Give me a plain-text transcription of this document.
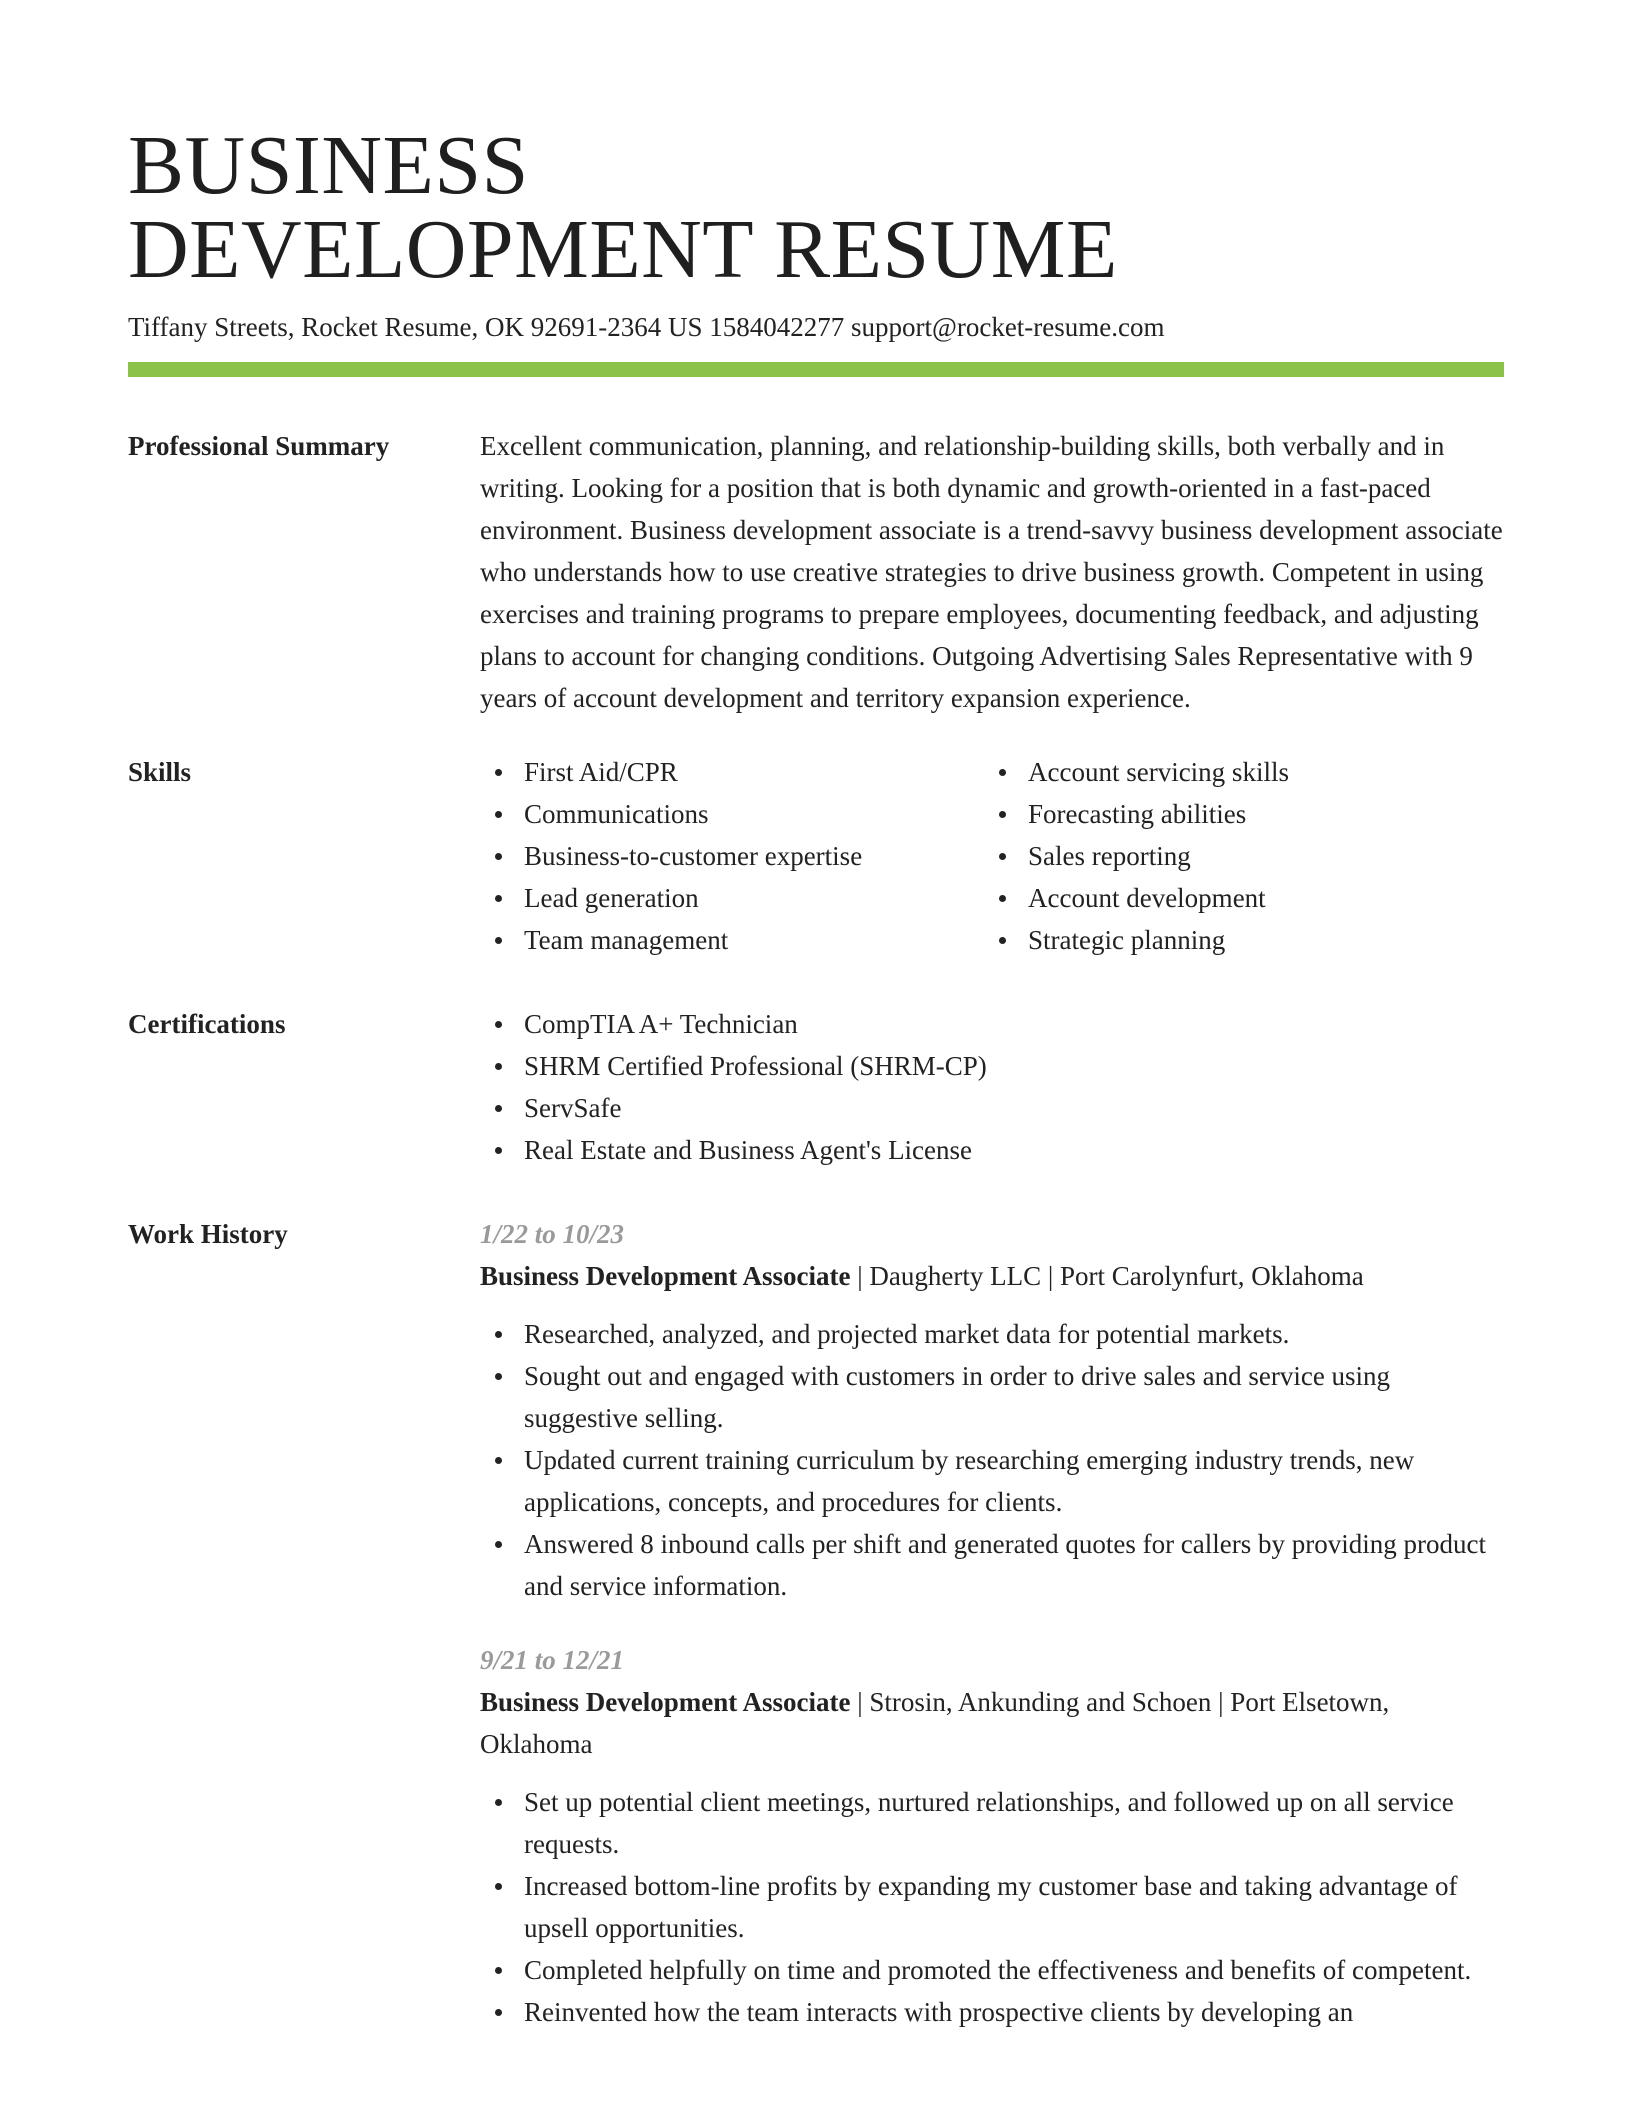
BUSINESS
DEVELOPMENT RESUME
Tiffany Streets, Rocket Resume, OK 92691-2364 US 1584042277 support@rocket-resume.com
Professional Summary	Excellent communication, planning, and relationship-building skills, both verbally and in writing. Looking for a position that is both dynamic and growth-oriented in a fast-paced environment. Business development associate is a trend-savvy business development associate who understands how to use creative strategies to drive business growth. Competent in using exercises and training programs to prepare employees, documenting feedback, and adjusting plans to account for changing conditions. Outgoing Advertising Sales Representative with 9 years of account development and territory expansion experience.
Skills	First Aid/CPR
Communications
Business-to-customer expertise
Lead generation
Team management
Account servicing skills
Forecasting abilities
Sales reporting
Account development
Strategic planning
Certifications	CompTIA A+ Technician
SHRM Certified Professional (SHRM-CP)
ServSafe
Real Estate and Business Agent's License
Work History	1/22 to 10/23
Business Development Associate | Daugherty LLC | Port Carolynfurt, Oklahoma
Researched, analyzed, and projected market data for potential markets.
Sought out and engaged with customers in order to drive sales and service using suggestive selling.
Updated current training curriculum by researching emerging industry trends, new applications, concepts, and procedures for clients.
Answered 8 inbound calls per shift and generated quotes for callers by providing product and service information.
9/21 to 12/21
Business Development Associate | Strosin, Ankunding and Schoen | Port Elsetown, Oklahoma
Set up potential client meetings, nurtured relationships, and followed up on all service requests.
Increased bottom-line profits by expanding my customer base and taking advantage of upsell opportunities.
Completed helpfully on time and promoted the effectiveness and benefits of competent.
Reinvented how the team interacts with prospective clients by developing an
